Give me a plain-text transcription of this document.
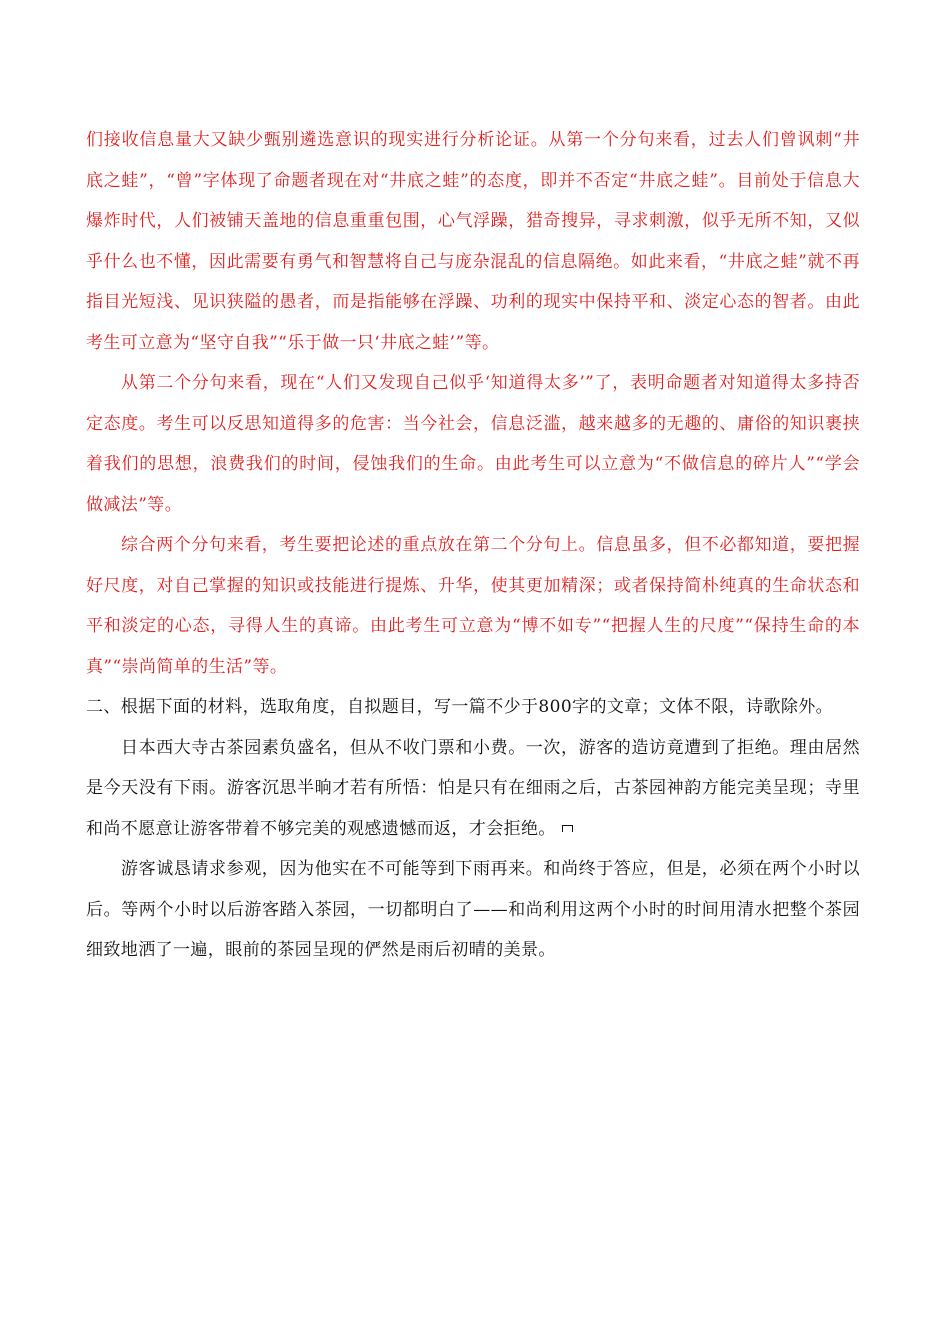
们接收信息量大又缺少甄别遴选意识的现实进行分析论证。从第一个分句来看，过去人们曾讽刺“井底之蛙”，“曾”字体现了命题者现在对“井底之蛙”的态度，即并不否定“井底之蛙”。目前处于信息大爆炸时代，人们被铺天盖地的信息重重包围，心气浮躁，猎奇搜异，寻求刺激，似乎无所不知，又似乎什么也不懂，因此需要有勇气和智慧将自己与庞杂混乱的信息隔绝。如此来看，“井底之蛙”就不再指目光短浅、见识狭隘的愚者，而是指能够在浮躁、功利的现实中保持平和、淡定心态的智者。由此考生可立意为“坚守自我”“乐于做一只‘井底之蛙’”等。

从第二个分句来看，现在“人们又发现自己似乎‘知道得太多’”了，表明命题者对知道得太多持否定态度。考生可以反思知道得多的危害：当今社会，信息泛滥，越来越多的无趣的、庸俗的知识裹挟着我们的思想，浪费我们的时间，侵蚀我们的生命。由此考生可以立意为“不做信息的碎片人”“学会做减法”等。

综合两个分句来看，考生要把论述的重点放在第二个分句上。信息虽多，但不必都知道，要把握好尺度，对自己掌握的知识或技能进行提炼、升华，使其更加精深；或者保持简朴纯真的生命状态和平和淡定的心态，寻得人生的真谛。由此考生可立意为“博不如专”“把握人生的尺度”“保持生命的本真”“崇尚简单的生活”等。

二、根据下面的材料，选取角度，自拟题目，写一篇不少于800字的文章；文体不限，诗歌除外。

日本西大寺古茶园素负盛名，但从不收门票和小费。一次，游客的造访竟遭到了拒绝。理由居然是今天没有下雨。游客沉思半晌才若有所悟：怕是只有在细雨之后，古茶园神韵方能完美呈现；寺里和尚不愿意让游客带着不够完美的观感遗憾而返，才会拒绝。

游客诚恳请求参观，因为他实在不可能等到下雨再来。和尚终于答应，但是，必须在两个小时以后。等两个小时以后游客踏入茶园，一切都明白了——和尚利用这两个小时的时间用清水把整个茶园细致地洒了一遍，眼前的茶园呈现的俨然是雨后初晴的美景。
